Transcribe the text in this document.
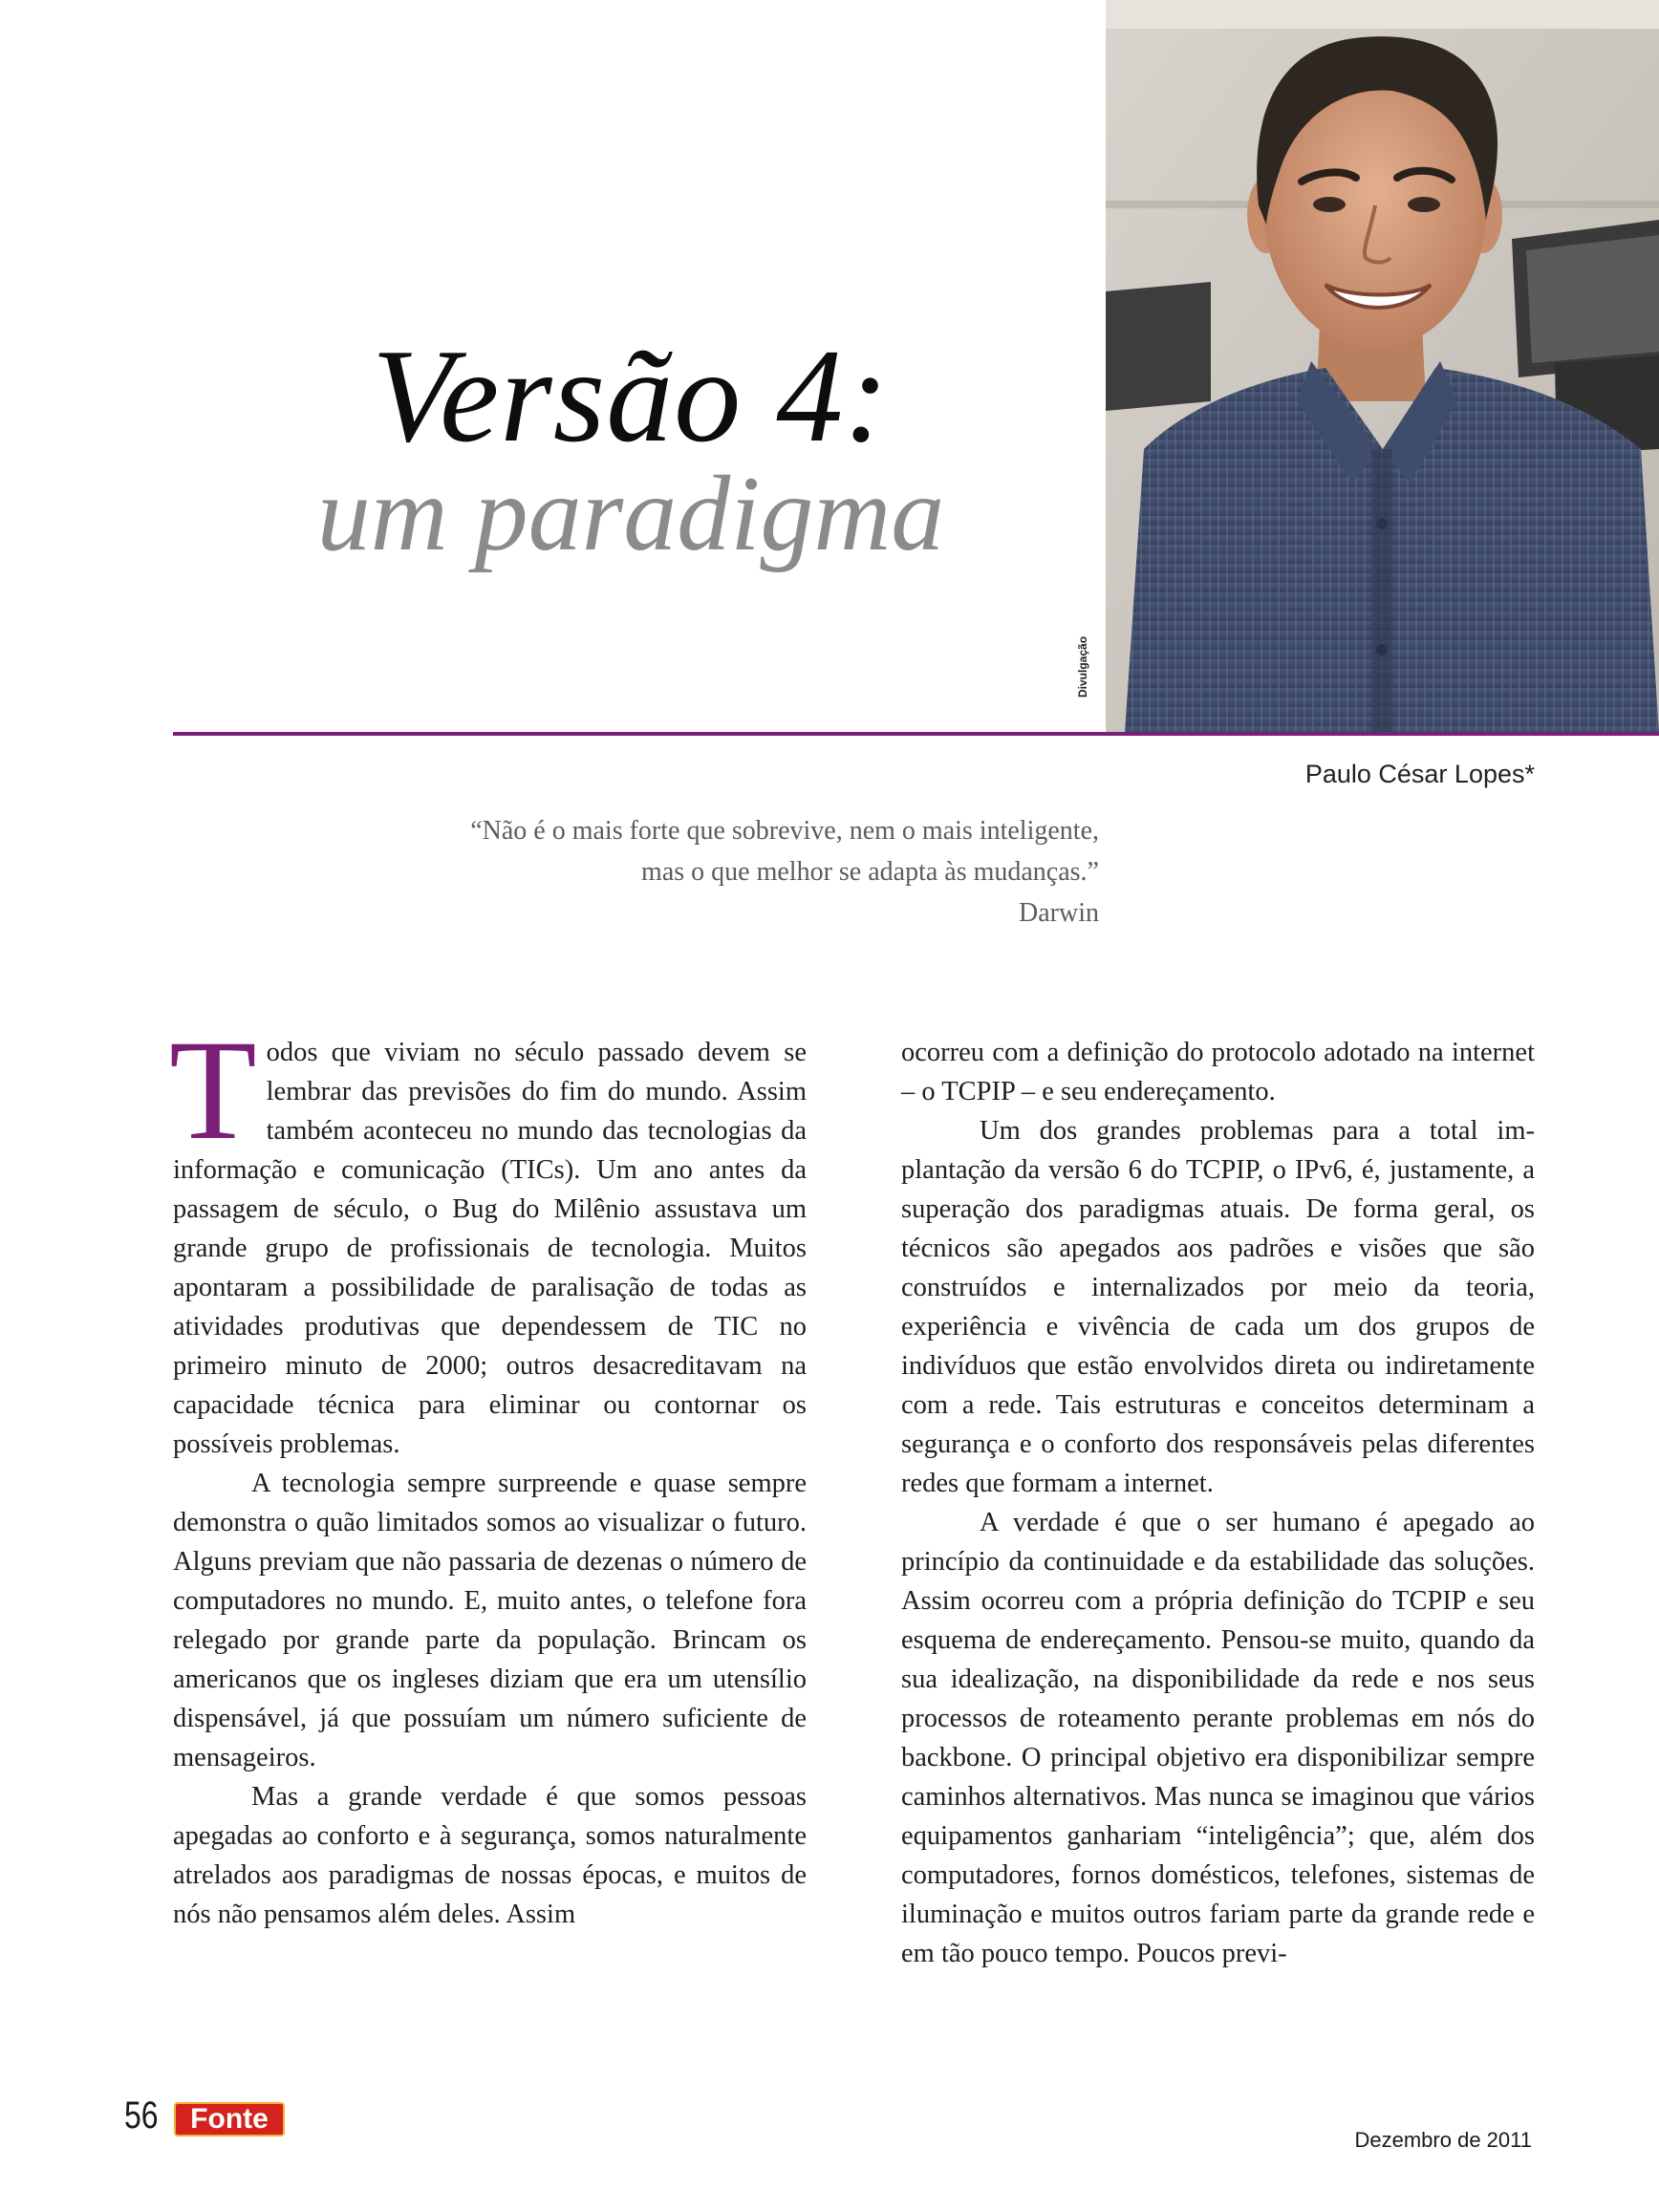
Versão 4:
um paradigma
Divulgação
Paulo César Lopes*
“Não é o mais forte que sobrevive, nem o mais inteligente,
mas o que melhor se adapta às mudanças.”
Darwin

Todos que viviam no século passado devem se lembrar das previsões do fim do mundo. Assim também aconteceu no mundo das tecnologias da informação e comunicação (TICs). Um ano antes da passagem de século, o Bug do Milênio assustava um grande grupo de profissionais de tecnologia. Muitos apontaram a possibilidade de paralisação de todas as atividades produtivas que dependessem de TIC no primeiro minuto de 2000; outros desacreditavam na capacidade técnica para eliminar ou contornar os possíveis problemas.

A tecnologia sempre surpreende e quase sempre demonstra o quão limitados somos ao visualizar o futuro. Alguns previam que não passaria de dezenas o número de computadores no mundo. E, muito antes, o telefone fora relegado por grande parte da população. Brincam os americanos que os ingleses diziam que era um utensílio dispensável, já que possuíam um número suficiente de mensageiros.

Mas a grande verdade é que somos pessoas apegadas ao conforto e à segurança, somos naturalmente atrelados aos paradigmas de nossas épocas, e muitos de nós não pensamos além deles. Assim

ocorreu com a definição do protocolo adotado na internet – o TCPIP – e seu endereçamento.

Um dos grandes problemas para a total implantação da versão 6 do TCPIP, o IPv6, é, justamente, a superação dos paradigmas atuais. De forma geral, os técnicos são apegados aos padrões e visões que são construídos e internalizados por meio da teoria, experiência e vivência de cada um dos grupos de indivíduos que estão envolvidos direta ou indiretamente com a rede. Tais estruturas e conceitos determinam a segurança e o conforto dos responsáveis pelas diferentes redes que formam a internet.

A verdade é que o ser humano é apegado ao princípio da continuidade e da estabilidade das soluções. Assim ocorreu com a própria definição do TCPIP e seu esquema de endereçamento. Pensou-se muito, quando da sua idealização, na disponibilidade da rede e nos seus processos de roteamento perante problemas em nós do backbone. O principal objetivo era disponibilizar sempre caminhos alternativos. Mas nunca se imaginou que vários equipamentos ganhariam “inteligência”; que, além dos computadores, fornos domésticos, telefones, sistemas de iluminação e muitos outros fariam parte da grande rede e em tão pouco tempo. Poucos previ-

56	Fonte
Dezembro de 2011
